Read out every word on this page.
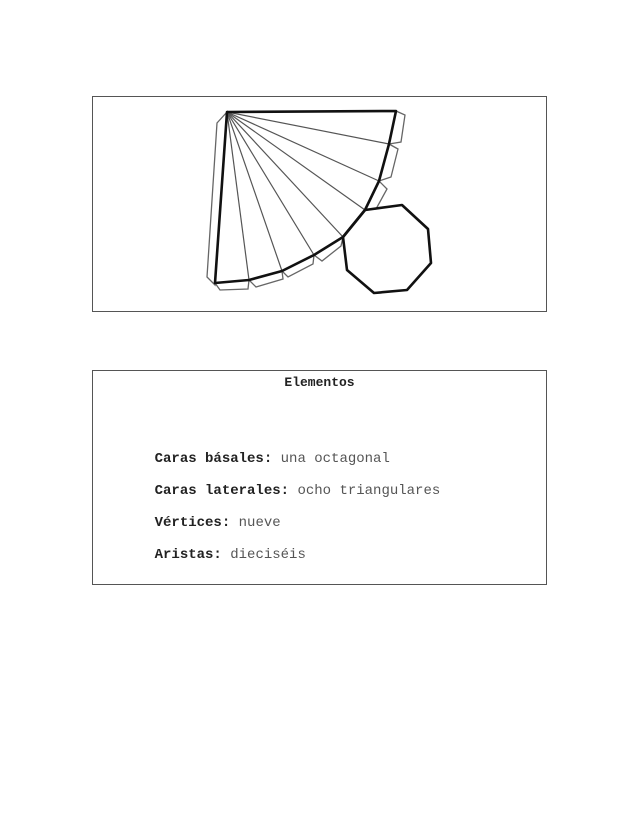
Elementos

Caras básales: una octagonal

Caras laterales: ocho triangulares

Vértices: nueve

Aristas: dieciséis
